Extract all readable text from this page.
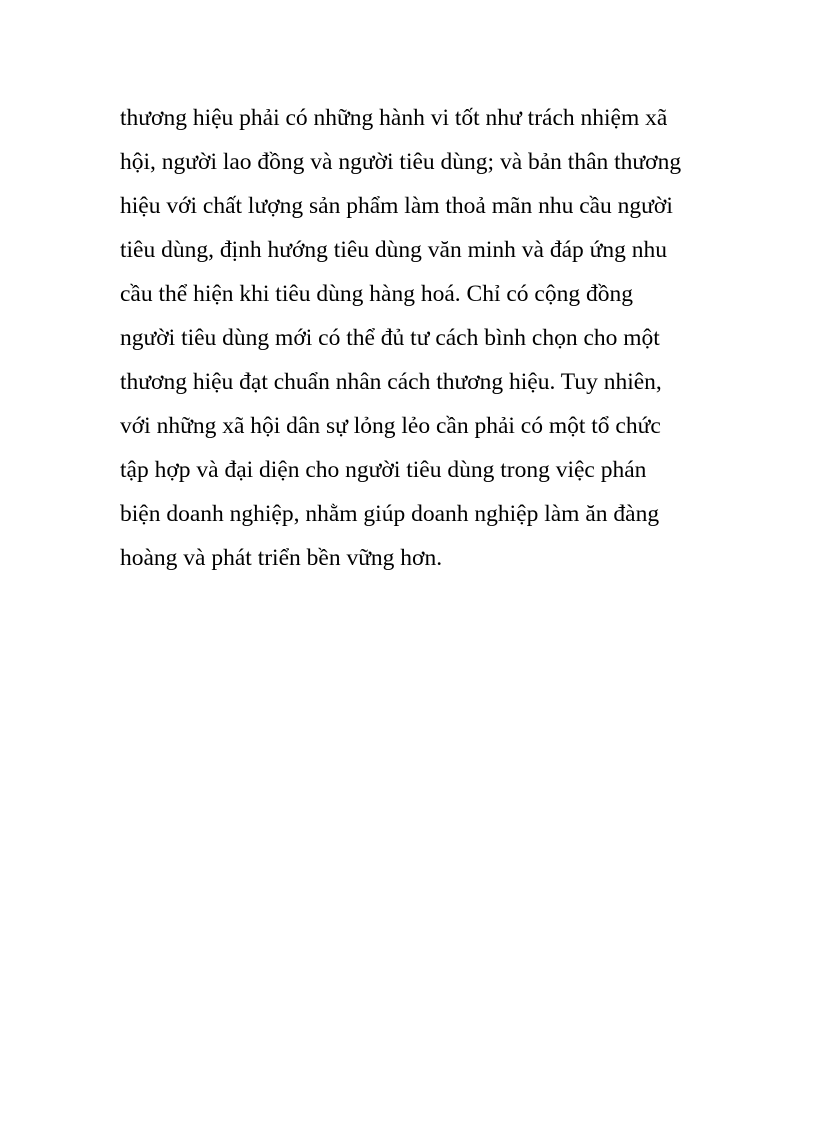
thương hiệu phải có những hành vi tốt như trách nhiệm xã
hội, người lao đồng và người tiêu dùng; và bản thân thương
hiệu với chất lượng sản phẩm làm thoả mãn nhu cầu người
tiêu dùng, định hướng tiêu dùng văn minh và đáp ứng nhu
cầu thể hiện khi tiêu dùng hàng hoá. Chỉ có cộng đồng
người tiêu dùng mới có thể đủ tư cách bình chọn cho một
thương hiệu đạt chuẩn nhân cách thương hiệu. Tuy nhiên,
với những xã hội dân sự lỏng lẻo cần phải có một tổ chức
tập hợp và đại diện cho người tiêu dùng trong việc phán
biện doanh nghiệp, nhằm giúp doanh nghiệp làm ăn đàng
hoàng và phát triển bền vững hơn.
